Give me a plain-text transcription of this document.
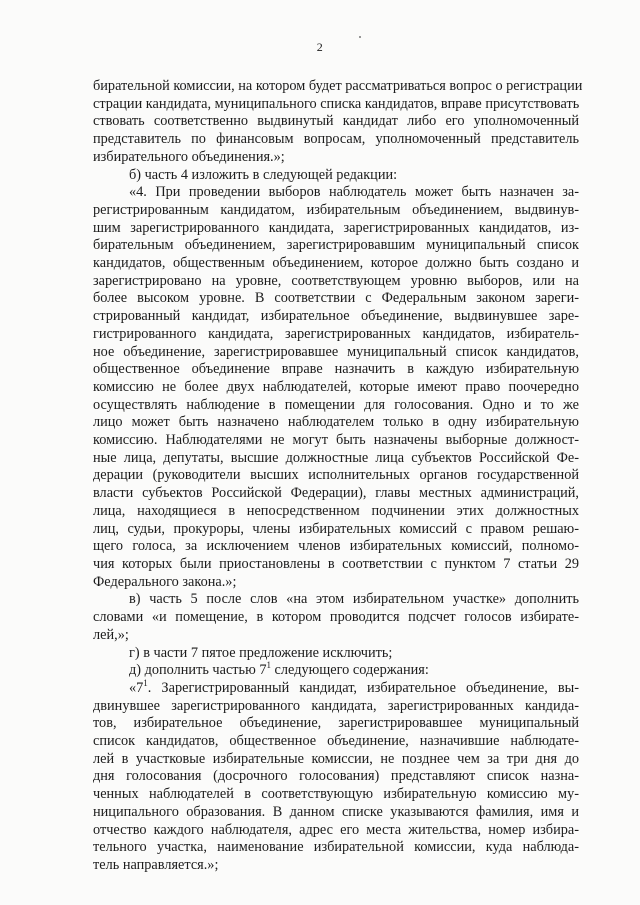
2
бирательной комиссии, на котором будет рассматриваться вопрос о регистрации
страции кандидата, муниципального списка кандидатов, вправе присутствовать
ствовать соответственно выдвинутый кандидат либо его уполномоченный
представитель по финансовым вопросам, уполномоченный представитель
избирательного объединения.»;
б) часть 4 изложить в следующей редакции:
«4. При проведении выборов наблюдатель может быть назначен за-
регистрированным кандидатом, избирательным объединением, выдвинув-
шим зарегистрированного кандидата, зарегистрированных кандидатов, из-
бирательным объединением, зарегистрировавшим муниципальный список
кандидатов, общественным объединением, которое должно быть создано и
зарегистрировано на уровне, соответствующем уровню выборов, или на
более высоком уровне. В соответствии с Федеральным законом зареги-
стрированный кандидат, избирательное объединение, выдвинувшее заре-
гистрированного кандидата, зарегистрированных кандидатов, избиратель-
ное объединение, зарегистрировавшее муниципальный список кандидатов,
общественное объединение вправе назначить в каждую избирательную
комиссию не более двух наблюдателей, которые имеют право поочередно
осуществлять наблюдение в помещении для голосования. Одно и то же
лицо может быть назначено наблюдателем только в одну избирательную
комиссию. Наблюдателями не могут быть назначены выборные должност-
ные лица, депутаты, высшие должностные лица субъектов Российской Фе-
дерации (руководители высших исполнительных органов государственной
власти субъектов Российской Федерации), главы местных администраций,
лица, находящиеся в непосредственном подчинении этих должностных
лиц, судьи, прокуроры, члены избирательных комиссий с правом решаю-
щего голоса, за исключением членов избирательных комиссий, полномо-
чия которых были приостановлены в соответствии с пунктом 7 статьи 29
Федерального закона.»;
в) часть 5 после слов «на этом избирательном участке» дополнить
словами «и помещение, в котором проводится подсчет голосов избирате-
лей,»;
г) в части 7 пятое предложение исключить;
д) дополнить частью $7^1$ следующего содержания:
«$7^1$. Зарегистрированный кандидат, избирательное объединение, вы-
двинувшее зарегистрированного кандидата, зарегистрированных кандида-
тов, избирательное объединение, зарегистрировавшее муниципальный
список кандидатов, общественное объединение, назначившие наблюдате-
лей в участковые избирательные комиссии, не позднее чем за три дня до
дня голосования (досрочного голосования) представляют список назна-
ченных наблюдателей в соответствующую избирательную комиссию му-
ниципального образования. В данном списке указываются фамилия, имя и
отчество каждого наблюдателя, адрес его места жительства, номер избира-
тельного участка, наименование избирательной комиссии, куда наблюда-
тель направляется.»;
